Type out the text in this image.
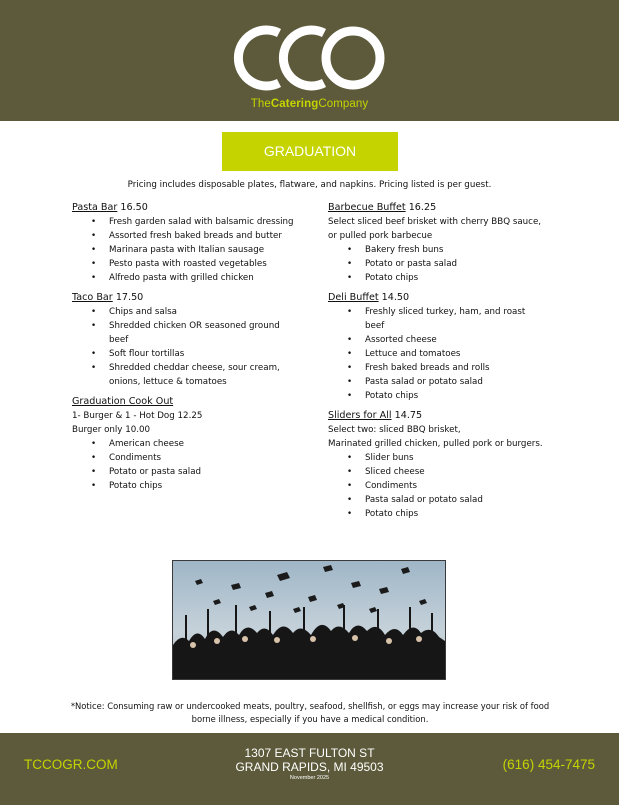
TheCateringCompany
GRADUATION
Pricing includes disposable plates, flatware, and napkins. Pricing listed is per guest.
Pasta Bar 16.50
• Fresh garden salad with balsamic dressing
• Assorted fresh baked breads and butter
• Marinara pasta with Italian sausage
• Pesto pasta with roasted vegetables
• Alfredo pasta with grilled chicken
Taco Bar 17.50
• Chips and salsa
• Shredded chicken OR seasoned ground beef
• Soft flour tortillas
• Shredded cheddar cheese, sour cream, onions, lettuce & tomatoes
Graduation Cook Out
1- Burger & 1 - Hot Dog 12.25
Burger only 10.00
• American cheese
• Condiments
• Potato or pasta salad
• Potato chips
Barbecue Buffet 16.25
Select sliced beef brisket with cherry BBQ sauce, or pulled pork barbecue
• Bakery fresh buns
• Potato or pasta salad
• Potato chips
Deli Buffet 14.50
• Freshly sliced turkey, ham, and roast beef
• Assorted cheese
• Lettuce and tomatoes
• Fresh baked breads and rolls
• Pasta salad or potato salad
• Potato chips
Sliders for All 14.75
Select two: sliced BBQ brisket,
Marinated grilled chicken, pulled pork or burgers.
• Slider buns
• Sliced cheese
• Condiments
• Pasta salad or potato salad
• Potato chips
*Notice: Consuming raw or undercooked meats, poultry, seafood, shellfish, or eggs may increase your risk of food borne illness, especially if you have a medical condition.
TCCOGR.COM
1307 EAST FULTON ST
GRAND RAPIDS, MI 49503
November 2025
(616) 454-7475
